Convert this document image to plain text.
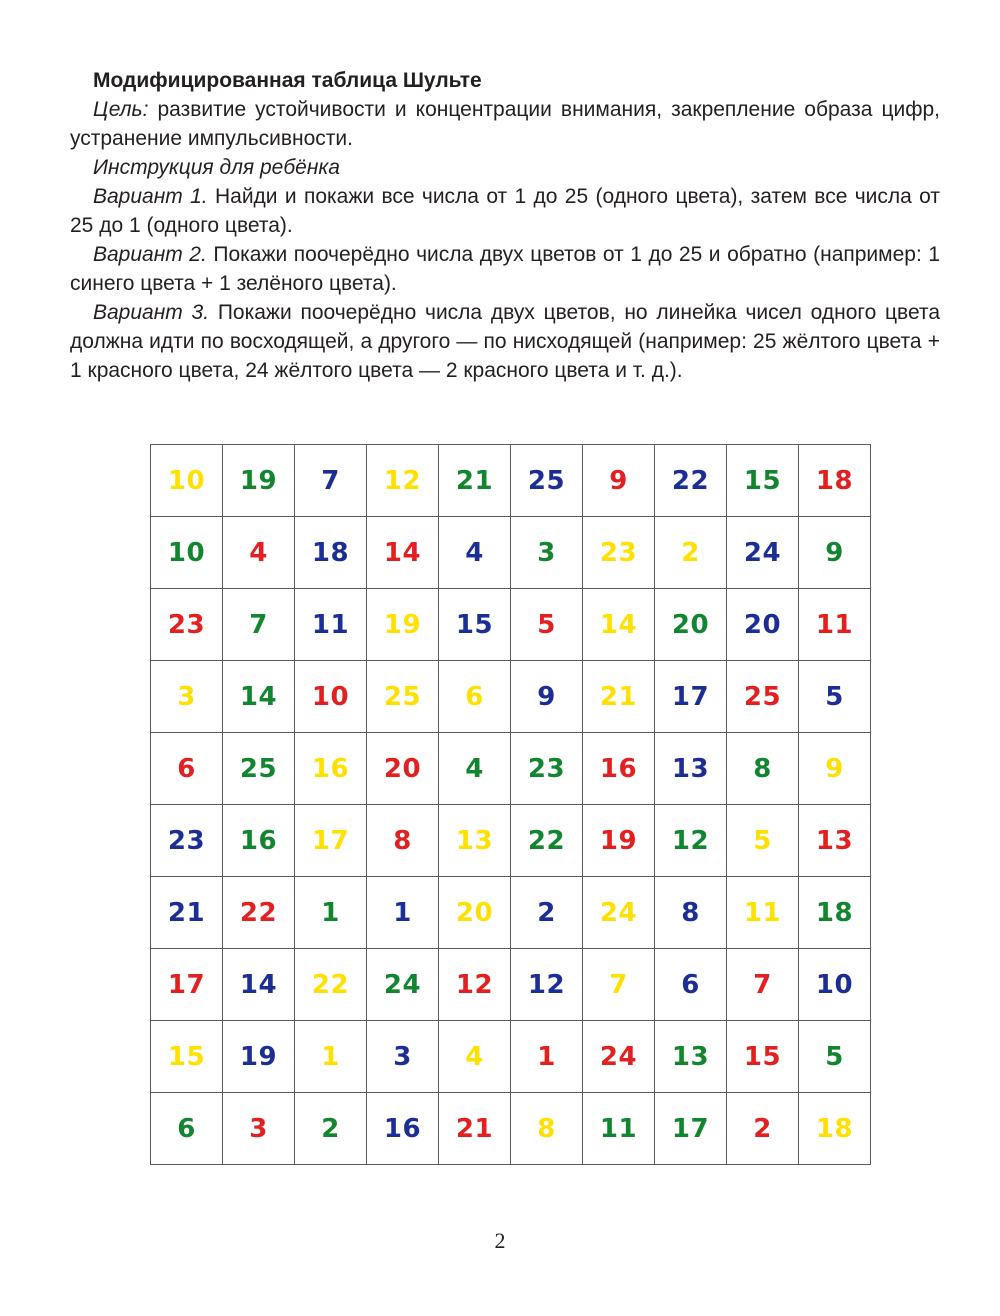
Модифицированная таблица Шульте

Цель: развитие устойчивости и концентрации внимания, закрепление образа цифр, устранение импульсивности.

Инструкция для ребёнка

Вариант 1. Найди и покажи все числа от 1 до 25 (одного цвета), затем все числа от 25 до 1 (одного цвета).

Вариант 2. Покажи поочерёдно числа двух цветов от 1 до 25 и обратно (например: 1 синего цвета + 1 зелёного цвета).

Вариант 3. Покажи поочерёдно числа двух цветов, но линейка чисел одного цвета должна идти по восходящей, а другого — по нисходящей (например: 25 жёлтого цвета + 1 красного цвета, 24 жёлтого цвета — 2 красного цвета и т. д.).

10	19	7	12	21	25	9	22	15	18
10	4	18	14	4	3	23	2	24	9
23	7	11	19	15	5	14	20	20	11
3	14	10	25	6	9	21	17	25	5
6	25	16	20	4	23	16	13	8	9
23	16	17	8	13	22	19	12	5	13
21	22	1	1	20	2	24	8	11	18
17	14	22	24	12	12	7	6	7	10
15	19	1	3	4	1	24	13	15	5
6	3	2	16	21	8	11	17	2	18
2
